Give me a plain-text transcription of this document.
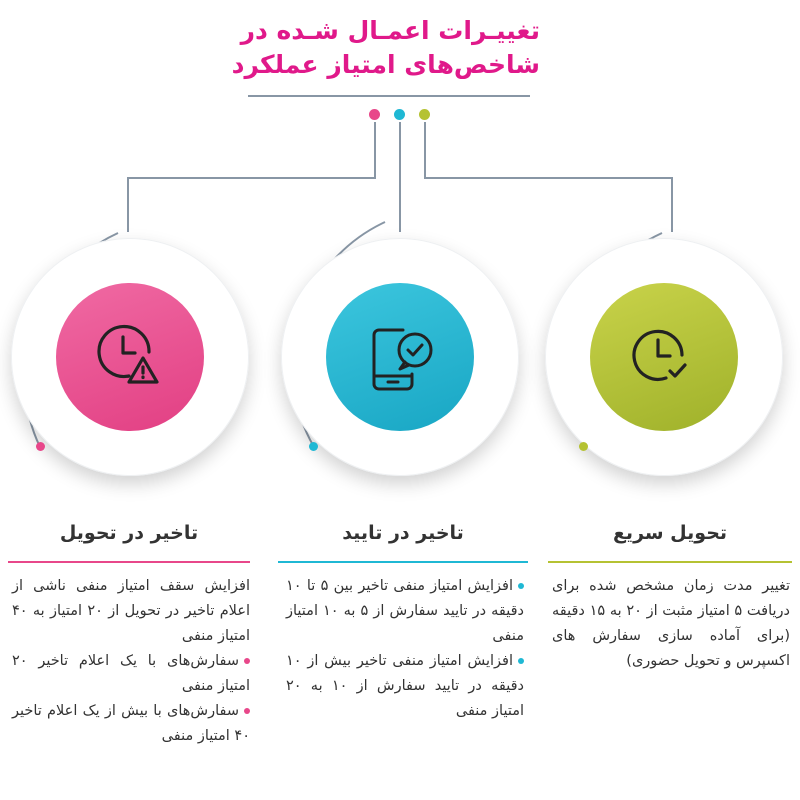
تغییـرات اعمـال شـده در
شاخص‌های امتیاز عملکرد
تحویل سریع

تغییر مدت زمان مشخص شده برای دریافت ۵ امتیاز مثبت از ۲۰ به ۱۵ دقیقه (برای آماده سازی سفارش های اکسپرس و تحویل حضوری)

تاخیر در تایید

افزایش امتیاز منفی تاخیر بین ۵ تا ۱۰ دقیقه در تایید سفارش از ۵ به ۱۰ امتیاز منفی

افزایش امتیاز منفی تاخیر بیش از ۱۰ دقیقه در تایید سفارش از ۱۰ به ۲۰ امتیاز منفی

تاخیر در تحویل

افزایش سقف امتیاز منفی ناشی از اعلام تاخیر در تحویل از ۲۰ امتیاز به ۴۰ امتیاز منفی

سفارش‌های با یک اعلام تاخیر ۲۰ امتیاز منفی

سفارش‌های با بیش از یک اعلام تاخیر ۴۰ امتیاز منفی
